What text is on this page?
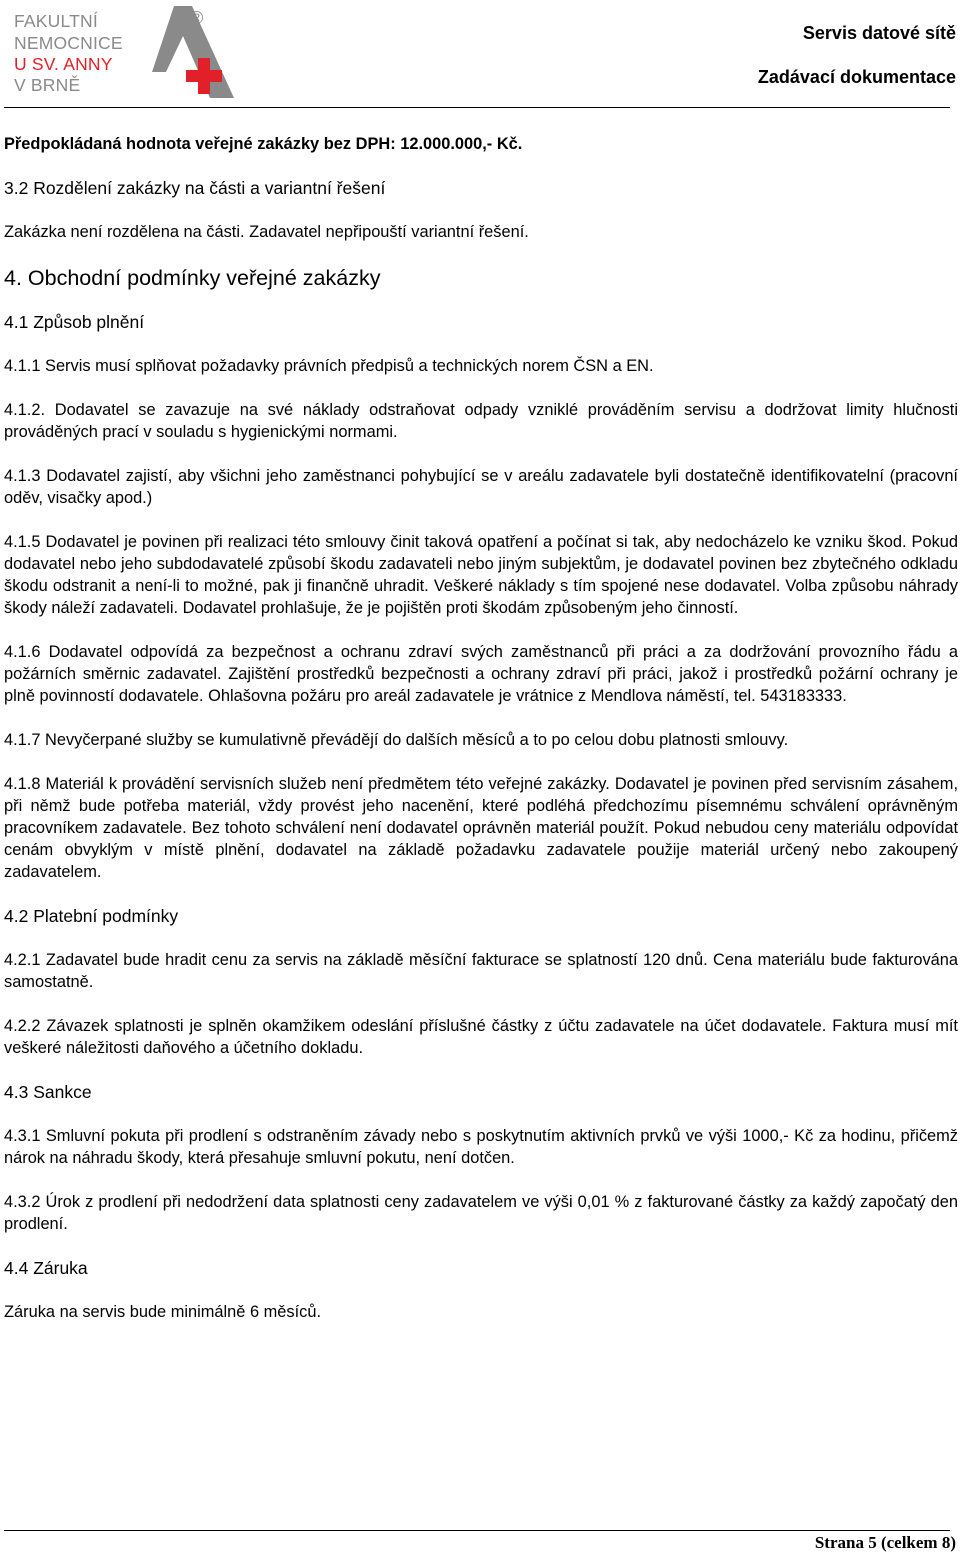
FAKULTNÍ
NEMOCNICE
U SV. ANNY
V BRNĚ
®
Servis datové sítě
Zadávací dokumentace

Předpokládaná hodnota veřejné zakázky bez DPH: 12.000.000,- Kč.

3.2 Rozdělení zakázky na části a variantní řešení

Zakázka není rozdělena na části. Zadavatel nepřipouští variantní řešení.

4. Obchodní podmínky veřejné zakázky
4.1 Způsob plnění

4.1.1 Servis musí splňovat požadavky právních předpisů a technických norem ČSN a EN.

4.1.2. Dodavatel se zavazuje na své náklady odstraňovat odpady vzniklé prováděním servisu a dodržovat limity hlučnosti prováděných prací v souladu s hygienickými normami.

4.1.3 Dodavatel zajistí, aby všichni jeho zaměstnanci pohybující se v areálu zadavatele byli dostatečně identifikovatelní (pracovní oděv, visačky apod.)

4.1.5 Dodavatel je povinen při realizaci této smlouvy činit taková opatření a počínat si tak, aby nedocházelo ke vzniku škod. Pokud dodavatel nebo jeho subdodavatelé způsobí škodu zadavateli nebo jiným subjektům, je dodavatel povinen bez zbytečného odkladu škodu odstranit a není-li to možné, pak ji finančně uhradit. Veškeré náklady s tím spojené nese dodavatel. Volba způsobu náhrady škody náleží zadavateli. Dodavatel prohlašuje, že je pojištěn proti škodám způsobeným jeho činností.

4.1.6 Dodavatel odpovídá za bezpečnost a ochranu zdraví svých zaměstnanců při práci a za dodržování provozního řádu a požárních směrnic zadavatel. Zajištění prostředků bezpečnosti a ochrany zdraví při práci, jakož i prostředků požární ochrany je plně povinností dodavatele. Ohlašovna požáru pro areál zadavatele je vrátnice z Mendlova náměstí, tel. 543183333.

4.1.7 Nevyčerpané služby se kumulativně převádějí do dalších měsíců a to po celou dobu platnosti smlouvy.

4.1.8 Materiál k provádění servisních služeb není předmětem této veřejné zakázky. Dodavatel je povinen před servisním zásahem, při němž bude potřeba materiál, vždy provést jeho nacenění, které podléhá předchozímu písemnému schválení oprávněným pracovníkem zadavatele. Bez tohoto schválení není dodavatel oprávněn materiál použít. Pokud nebudou ceny materiálu odpovídat cenám obvyklým v místě plnění, dodavatel na základě požadavku zadavatele použije materiál určený nebo zakoupený zadavatelem.

4.2 Platební podmínky

4.2.1 Zadavatel bude hradit cenu za servis na základě měsíční fakturace se splatností 120 dnů. Cena materiálu bude fakturována samostatně.

4.2.2 Závazek splatnosti je splněn okamžikem odeslání příslušné částky z účtu zadavatele na účet dodavatele. Faktura musí mít veškeré náležitosti daňového a účetního dokladu.

4.3 Sankce

4.3.1 Smluvní pokuta při prodlení s odstraněním závady nebo s poskytnutím aktivních prvků ve výši 1000,- Kč za hodinu, přičemž nárok na náhradu škody, která přesahuje smluvní pokutu, není dotčen.

4.3.2 Úrok z prodlení při nedodržení data splatnosti ceny zadavatelem ve výši 0,01 % z fakturované částky za každý započatý den prodlení.

4.4 Záruka

Záruka na servis bude minimálně 6 měsíců.

Strana 5 (celkem 8)
